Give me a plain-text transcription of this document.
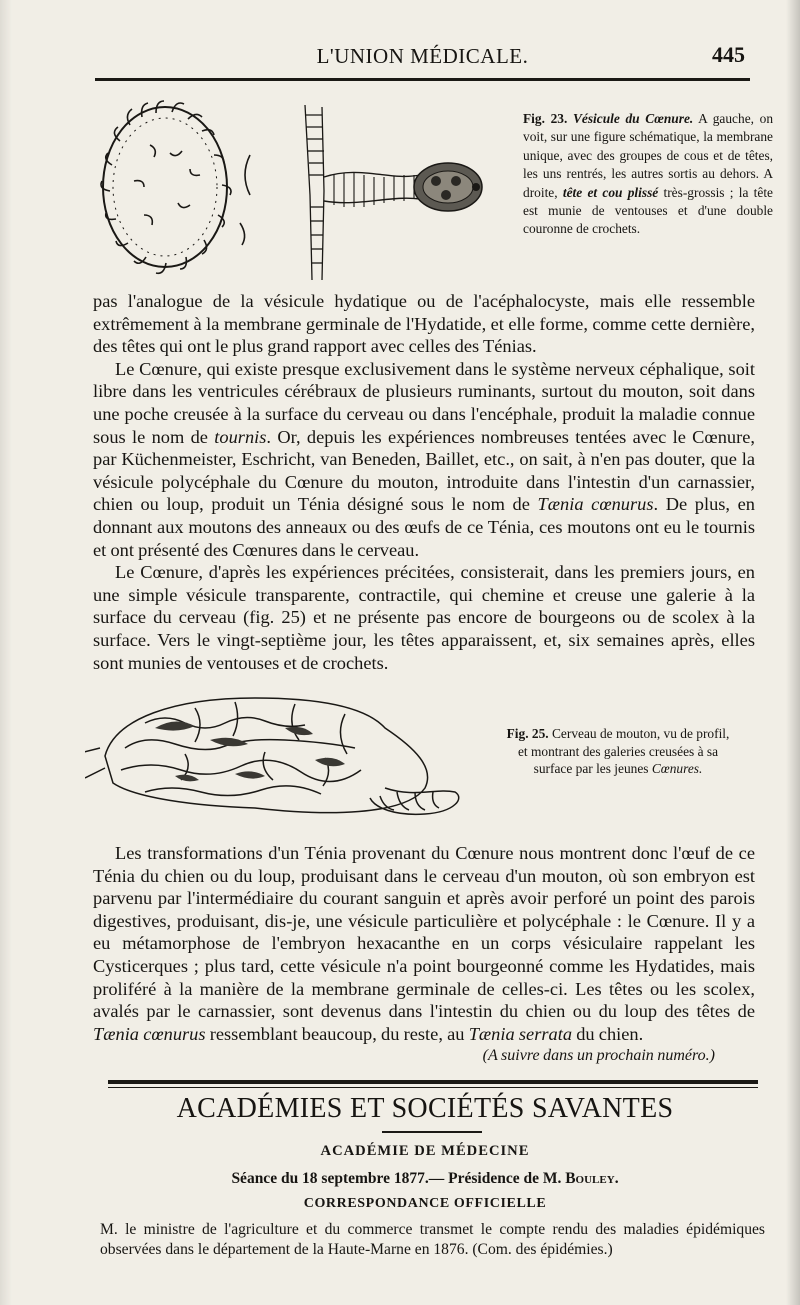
L'UNION MÉDICALE.	445
Fig. 23. Vésicule du Cœnure. A gauche, on voit, sur une figure schématique, la membrane unique, avec des groupes de cous et de têtes, les uns rentrés, les autres sortis au dehors. A droite, tête et cou plissé très-grossis ; la tête est munie de ventouses et d'une double couronne de crochets.

pas l'analogue de la vésicule hydatique ou de l'acéphalocyste, mais elle ressemble extrêmement à la membrane germinale de l'Hydatide, et elle forme, comme cette dernière, des têtes qui ont le plus grand rapport avec celles des Ténias.

Le Cœnure, qui existe presque exclusivement dans le système nerveux céphalique, soit libre dans les ventricules cérébraux de plusieurs ruminants, surtout du mouton, soit dans une poche creusée à la surface du cerveau ou dans l'encéphale, produit la maladie connue sous le nom de tournis. Or, depuis les expériences nombreuses tentées avec le Cœnure, par Küchenmeister, Eschricht, van Beneden, Baillet, etc., on sait, à n'en pas douter, que la vésicule polycéphale du Cœnure du mouton, introduite dans l'intestin d'un carnassier, chien ou loup, produit un Ténia désigné sous le nom de Tænia cœnurus. De plus, en donnant aux moutons des anneaux ou des œufs de ce Ténia, ces moutons ont eu le tournis et ont présenté des Cœnures dans le cerveau.

Le Cœnure, d'après les expériences précitées, consisterait, dans les premiers jours, en une simple vésicule transparente, contractile, qui chemine et creuse une galerie à la surface du cerveau (fig. 25) et ne présente pas encore de bourgeons ou de scolex à la surface. Vers le vingt-septième jour, les têtes apparaissent, et, six semaines après, elles sont munies de ventouses et de crochets.

Fig. 25. Cerveau de mouton, vu de profil, et montrant des galeries creusées à sa surface par les jeunes Cœnures.

Les transformations d'un Ténia provenant du Cœnure nous montrent donc l'œuf de ce Ténia du chien ou du loup, produisant dans le cerveau d'un mouton, où son embryon est parvenu par l'intermédiaire du courant sanguin et après avoir perforé un point des parois digestives, produisant, dis-je, une vésicule particulière et polycéphale : le Cœnure. Il y a eu métamorphose de l'embryon hexacanthe en un corps vésiculaire rappelant les Cysticerques ; plus tard, cette vésicule n'a point bourgeonné comme les Hydatides, mais proliféré à la manière de la membrane germinale de celles-ci. Les têtes ou les scolex, avalés par le carnassier, sont devenus dans l'intestin du chien ou du loup des têtes de Tænia cœnurus ressemblant beaucoup, du reste, au Tænia serrata du chien.

(A suivre dans un prochain numéro.)

ACADÉMIES ET SOCIÉTÉS SAVANTES
ACADÉMIE DE MÉDECINE
Séance du 18 septembre 1877.— Présidence de M. Bouley.
CORRESPONDANCE OFFICIELLE
M. le ministre de l'agriculture et du commerce transmet le compte rendu des maladies épidémiques observées dans le département de la Haute-Marne en 1876. (Com. des épidémies.)
